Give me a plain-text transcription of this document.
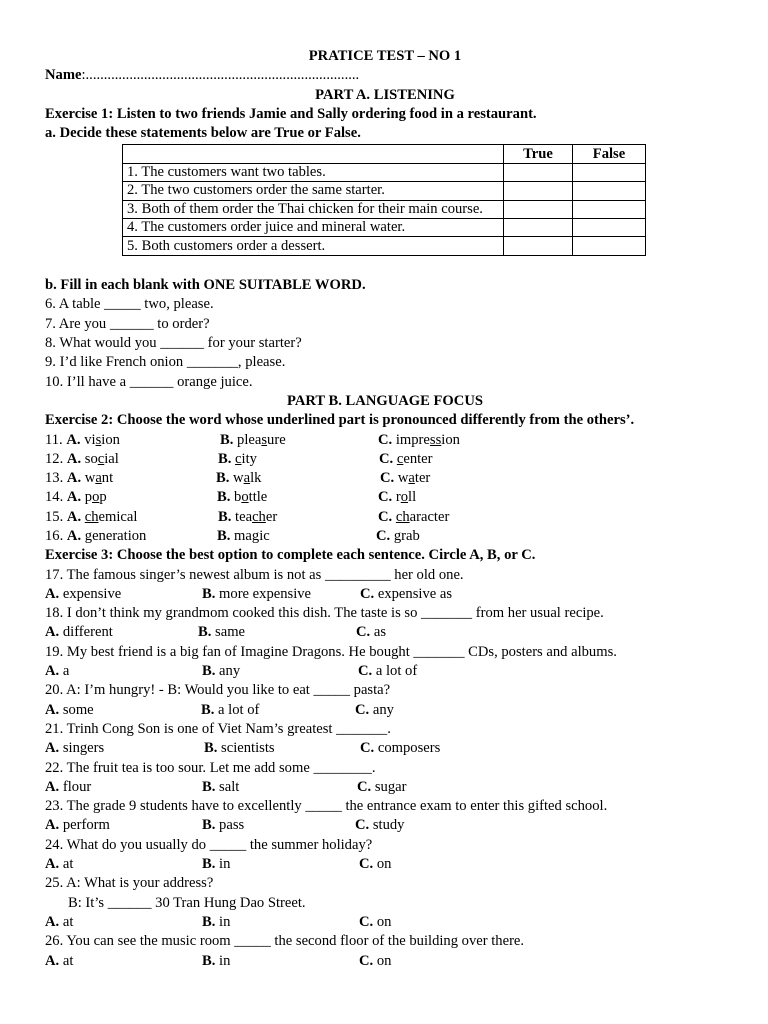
PRATICE TEST – NO 1
Name:...........................................................................
PART A. LISTENING
Exercise 1: Listen to two friends Jamie and Sally ordering food in a restaurant.
a. Decide these statements below are True or False.
	True	False
1. The customers want two tables.		
2. The two customers order the same starter.		
3. Both of them order the Thai chicken for their main course.		
4. The customers order juice and mineral water.		
5. Both customers order a dessert.		
b. Fill in each blank with ONE SUITABLE WORD.
6. A table _____ two, please.
7. Are you ______ to order?
8. What would you ______ for your starter?
9. I’d like French onion _______, please.
10. I’ll have a ______ orange juice.
PART B. LANGUAGE FOCUS
Exercise 2: Choose the word whose underlined part is pronounced differently from the others’.
11. A. vision	B. pleasure	C. impression
12. A. social	B. city	C. center
13. A. want	B. walk	C. water
14. A. pop	B. bottle	C. roll
15. A. chemical	B. teacher	C. character
16. A. generation	B. magic	C. grab
Exercise 3: Choose the best option to complete each sentence. Circle A, B, or C.
17. The famous singer’s newest album is not as _________ her old one.
A. expensive	B. more expensive	C. expensive as
18. I don’t think my grandmom cooked this dish. The taste is so _______ from her usual recipe.
A. different	B. same	C. as
19. My best friend is a big fan of Imagine Dragons. He bought _______ CDs, posters and albums.
A. a	B. any	C. a lot of
20. A: I’m hungry! - B: Would you like to eat _____ pasta?
A. some	B. a lot of	C. any
21. Trinh Cong Son is one of Viet Nam’s greatest _______.
A. singers	B. scientists	C. composers
22. The fruit tea is too sour. Let me add some ________.
A. flour	B. salt	C. sugar
23. The grade 9 students have to excellently _____ the entrance exam to enter this gifted school.
A. perform	B. pass	C. study
24. What do you usually do _____ the summer holiday?
A. at	B. in	C. on
25. A: What is your address?
B: It’s ______ 30 Tran Hung Dao Street.
A. at	B. in	C. on
26. You can see the music room _____ the second floor of the building over there.
A. at	B. in	C. on
